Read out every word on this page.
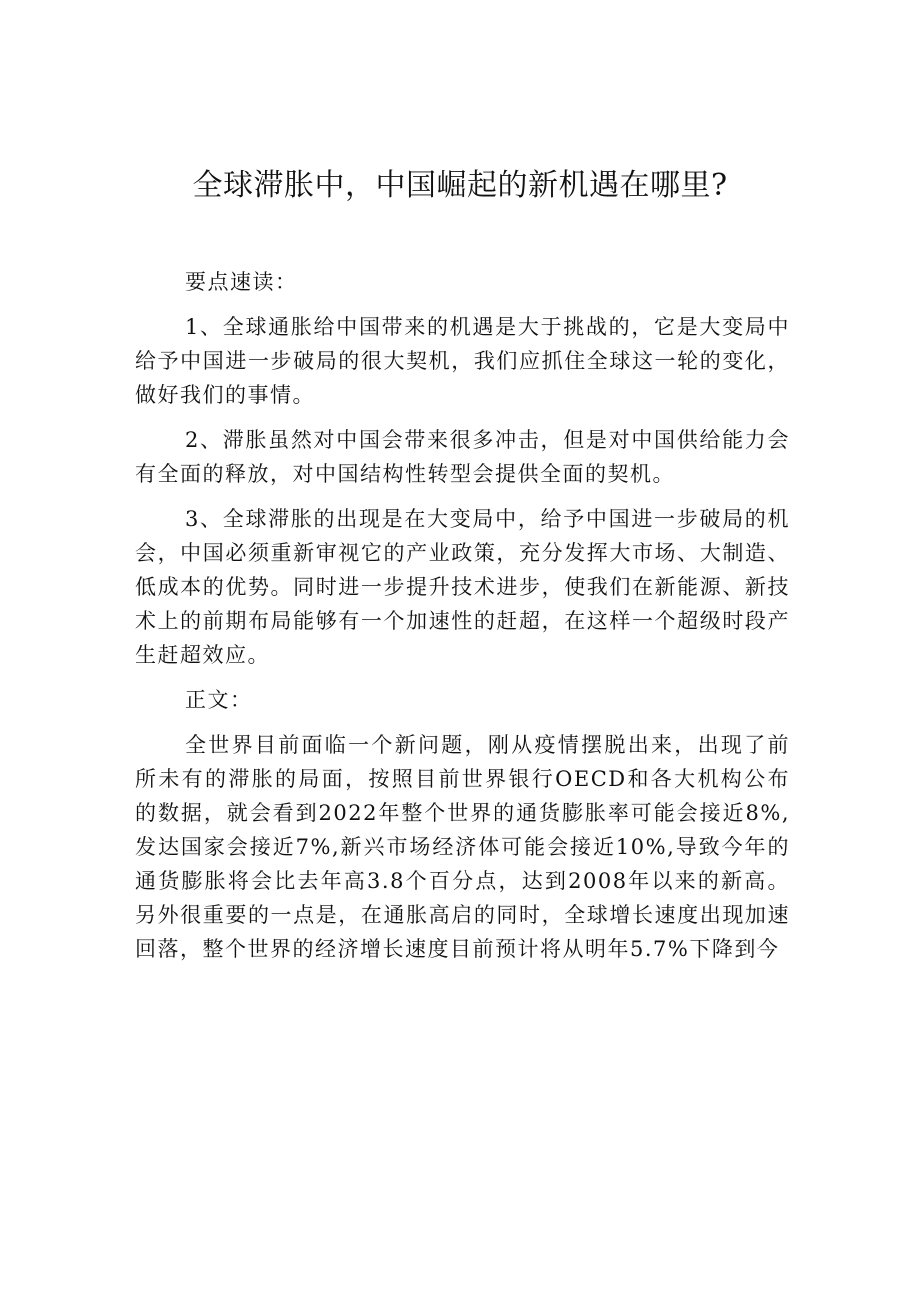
全球滞胀中，中国崛起的新机遇在哪里?

要点速读：

1、全球通胀给中国带来的机遇是大于挑战的，它是大变局中给予中国进一步破局的很大契机，我们应抓住全球这一轮的变化，做好我们的事情。

2、滞胀虽然对中国会带来很多冲击，但是对中国供给能力会有全面的释放，对中国结构性转型会提供全面的契机。

3、全球滞胀的出现是在大变局中，给予中国进一步破局的机会，中国必须重新审视它的产业政策，充分发挥大市场、大制造、低成本的优势。同时进一步提升技术进步，使我们在新能源、新技术上的前期布局能够有一个加速性的赶超，在这样一个超级时段产生赶超效应。

正文：

全世界目前面临一个新问题，刚从疫情摆脱出来，出现了前所未有的滞胀的局面，按照目前世界银行OECD和各大机构公布的数据，就会看到2022年整个世界的通货膨胀率可能会接近8%,发达国家会接近7%,新兴市场经济体可能会接近10%,导致今年的通货膨胀将会比去年高3.8个百分点，达到2008年以来的新高。另外很重要的一点是，在通胀高启的同时，全球增长速度出现加速回落，整个世界的经济增长速度目前预计将从明年5.7%下降到今
